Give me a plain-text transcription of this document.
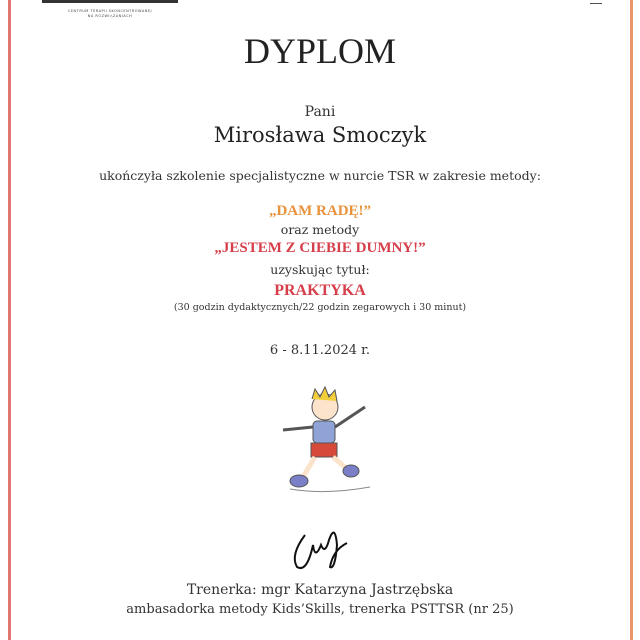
CENTRUM TERAPII SKONCENTROWANEJ
NA ROZWIĄZANIACH
DYPLOM
Pani
Mirosława Smoczyk
ukończyła szkolenie specjalistyczne w nurcie TSR w zakresie metody:
„DAM RADĘ!”
oraz metody
„JESTEM Z CIEBIE DUMNY!”
uzyskując tytuł:
PRAKTYKA
(30 godzin dydaktycznych/22 godzin zegarowych i 30 minut)
6 - 8.11.2024 r.
Trenerka: mgr Katarzyna Jastrzębska
ambasadorka metody Kids’Skills, trenerka PSTTSR (nr 25)
